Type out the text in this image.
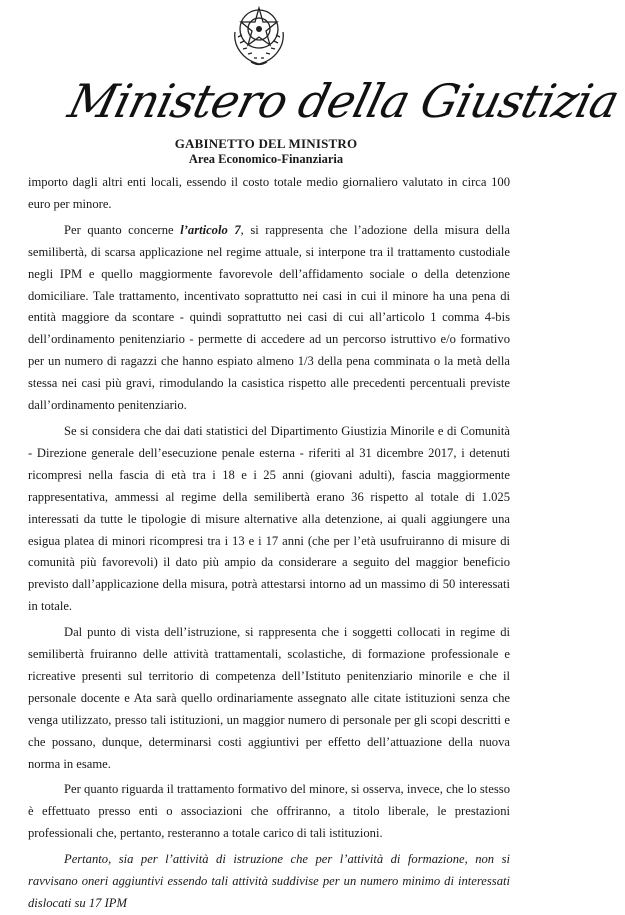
Ministero della Giustizia
GABINETTO DEL MINISTRO
Area Economico-Finanziaria

importo dagli altri enti locali, essendo il costo totale medio giornaliero valutato in circa 100 euro per minore.

Per quanto concerne l’articolo 7, si rappresenta che l’adozione della misura della semilibertà, di scarsa applicazione nel regime attuale, si interpone tra il trattamento custodiale negli IPM e quello maggiormente favorevole dell’affidamento sociale o della detenzione domiciliare. Tale trattamento, incentivato soprattutto nei casi in cui il minore ha una pena di entità maggiore da scontare - quindi soprattutto nei casi di cui all’articolo 1 comma 4-bis dell’ordinamento penitenziario - permette di accedere ad un percorso istruttivo e/o formativo per un numero di ragazzi che hanno espiato almeno 1/3 della pena comminata o la metà della stessa nei casi più gravi, rimodulando la casistica rispetto alle precedenti percentuali previste dall’ordinamento penitenziario.

Se si considera che dai dati statistici del Dipartimento Giustizia Minorile e di Comunità - Direzione generale dell’esecuzione penale esterna - riferiti al 31 dicembre 2017, i detenuti ricompresi nella fascia di età tra i 18 e i 25 anni (giovani adulti), fascia maggiormente rappresentativa, ammessi al regime della semilibertà erano 36 rispetto al totale di 1.025 interessati da tutte le tipologie di misure alternative alla detenzione, ai quali aggiungere una esigua platea di minori ricompresi tra i 13 e i 17 anni (che per l’età usufruiranno di misure di comunità più favorevoli) il dato più ampio da considerare a seguito del maggior beneficio previsto dall’applicazione della misura, potrà attestarsi intorno ad un massimo di 50 interessati in totale.

Dal punto di vista dell’istruzione, si rappresenta che i soggetti collocati in regime di semilibertà fruiranno delle attività trattamentali, scolastiche, di formazione professionale e ricreative presenti sul territorio di competenza dell’Istituto penitenziario minorile e che il personale docente e Ata sarà quello ordinariamente assegnato alle citate istituzioni senza che venga utilizzato, presso tali istituzioni, un maggior numero di personale per gli scopi descritti e che possano, dunque, determinarsi costi aggiuntivi per effetto dell’attuazione della nuova norma in esame.

Per quanto riguarda il trattamento formativo del minore, si osserva, invece, che lo stesso è effettuato presso enti o associazioni che offriranno, a titolo liberale, le prestazioni professionali che, pertanto, resteranno a totale carico di tali istituzioni.

Pertanto, sia per l’attività di istruzione che per l’attività di formazione, non si ravvisano oneri aggiuntivi essendo tali attività suddivise per un numero minimo di interessati dislocati su 17 IPM
